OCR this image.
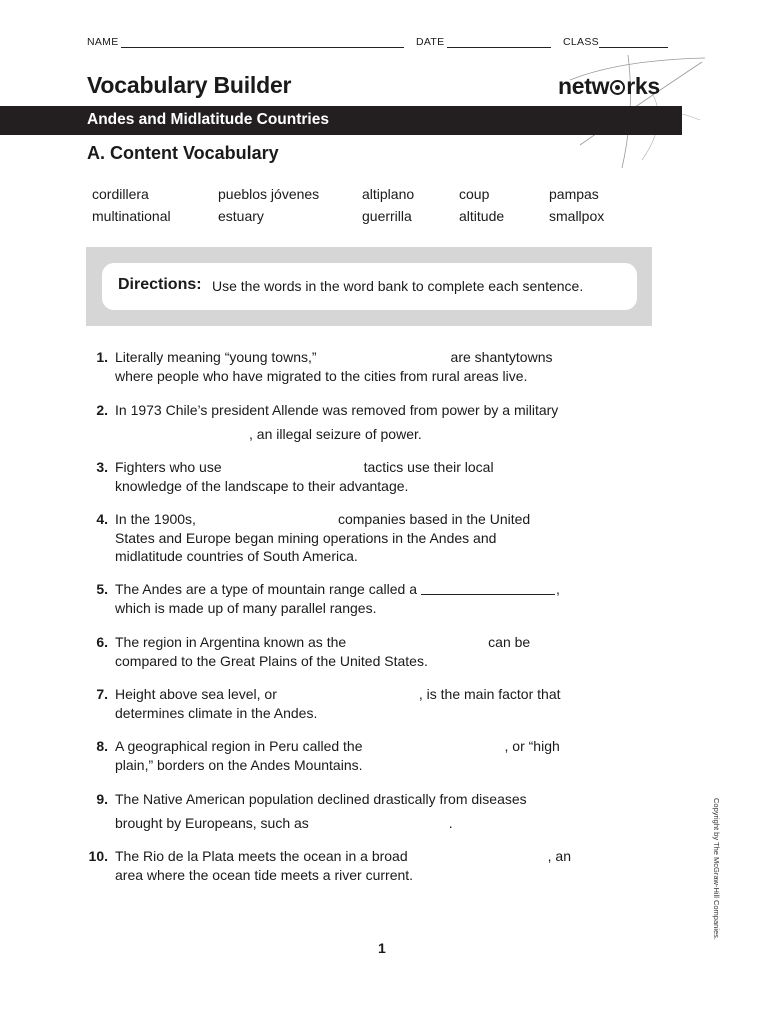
NAME	DATE	CLASS
Vocabulary Builder	netw rks
Andes and Midlatitude Countries
A. Content Vocabulary
cordillera	pueblos jóvenes	altiplano	coup	pampas
multinational	estuary	guerrilla	altitude	smallpox
Directions: Use the words in the word bank to complete each sentence.
1. Literally meaning “young towns,”	are shantytowns
where people who have migrated to the cities from rural areas live.
2. In 1973 Chile’s president Allende was removed from power by a military
, an illegal seizure of power.
3. Fighters who use	tactics use their local
knowledge of the landscape to their advantage.
4. In the 1900s,	companies based in the United
States and Europe began mining operations in the Andes and
midlatitude countries of South America.
5. The Andes are a type of mountain range called a	,
which is made up of many parallel ranges.
6. The region in Argentina known as the	can be
compared to the Great Plains of the United States.
7. Height above sea level, or	, is the main factor that
determines climate in the Andes.
8. A geographical region in Peru called the	, or “high
plain,” borders on the Andes Mountains.
9. The Native American population declined drastically from diseases
brought by Europeans, such as	.
10. The Rio de la Plata meets the ocean in a broad	, an
area where the ocean tide meets a river current.	Copyright by The McGraw-Hill Companies.
1
